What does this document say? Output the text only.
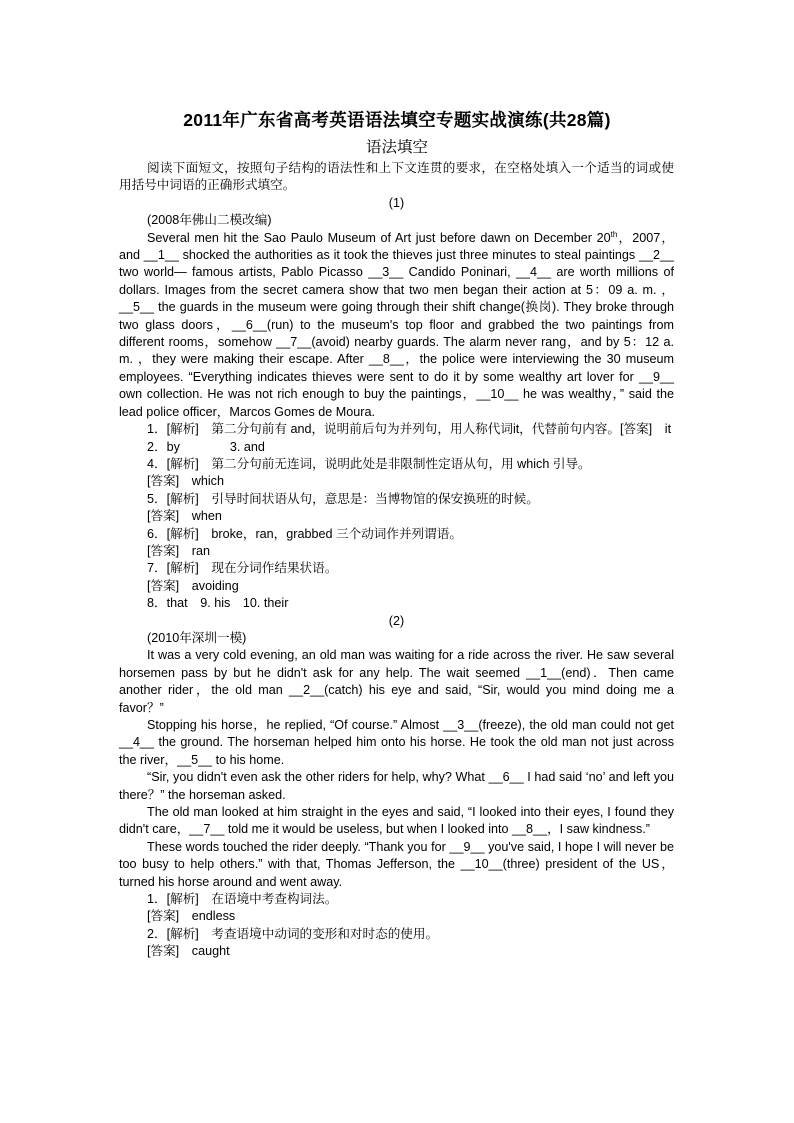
2011年广东省高考英语语法填空专题实战演练(共28篇)
语法填空

阅读下面短文，按照句子结构的语法性和上下文连贯的要求，在空格处填入一个适当的词或使用括号中词语的正确形式填空。

(1)

(2008年佛山二模改编)

Several men hit the Sao Paulo Museum of Art just before dawn on December 20th，2007，and __1__ shocked the authorities as it took the thieves just three minutes to steal paintings __2__ two world— famous artists, Pablo Picasso __3__ Candido Poninari, __4__ are worth millions of dollars. Images from the secret camera show that two men began their action at 5：09 a. m. ，__5__ the guards in the museum were going through their shift change(换岗). They broke through two glass doors，__6__(run) to the museum's top floor and grabbed the two paintings from different rooms，somehow __7__(avoid) nearby guards. The alarm never rang，and by 5：12 a. m. ，they were making their escape. After __8__，the police were interviewing the 30 museum employees. “Everything indicates thieves were sent to do it by some wealthy art lover for __9__ own collection. He was not rich enough to buy the paintings，__10__ he was wealthy，” said the lead police officer，Marcos Gomes de Moura.

1．[解析]　第二分句前有 and，说明前后句为并列句，用人称代词it，代替前句内容。[答案]　it

2．by	3. and

4．[解析]　第二分句前无连词，说明此处是非限制性定语从句，用 which 引导。

[答案]　which

5．[解析]　引导时间状语从句，意思是：当博物馆的保安换班的时候。

[答案]　when

6．[解析]　broke，ran，grabbed 三个动词作并列谓语。

[答案]　ran

7．[解析]　现在分词作结果状语。

[答案]　avoiding

8．that　9. his　10. their

(2)

(2010年深圳一模)

It was a very cold evening, an old man was waiting for a ride across the river. He saw several horsemen pass by but he didn't ask for any help. The wait seemed __1__(end)．Then came another rider，the old man __2__(catch) his eye and said, “Sir, would you mind doing me a favor？”

Stopping his horse，he replied, “Of course.” Almost __3__(freeze), the old man could not get __4__ the ground. The horseman helped him onto his horse. He took the old man not just across the river，__5__ to his home.

“Sir, you didn't even ask the other riders for help, why? What __6__ I had said ‘no’ and left you there？” the horseman asked.

The old man looked at him straight in the eyes and said, “I looked into their eyes, I found they didn't care，__7__ told me it would be useless, but when I looked into __8__，I saw kindness.”

These words touched the rider deeply. “Thank you for __9__ you've said, I hope I will never be too busy to help others.” with that, Thomas Jefferson, the __10__(three) president of the US，turned his horse around and went away.

1．[解析]　在语境中考查构词法。

[答案]　endless

2．[解析]　考查语境中动词的变形和对时态的使用。

[答案]　caught
